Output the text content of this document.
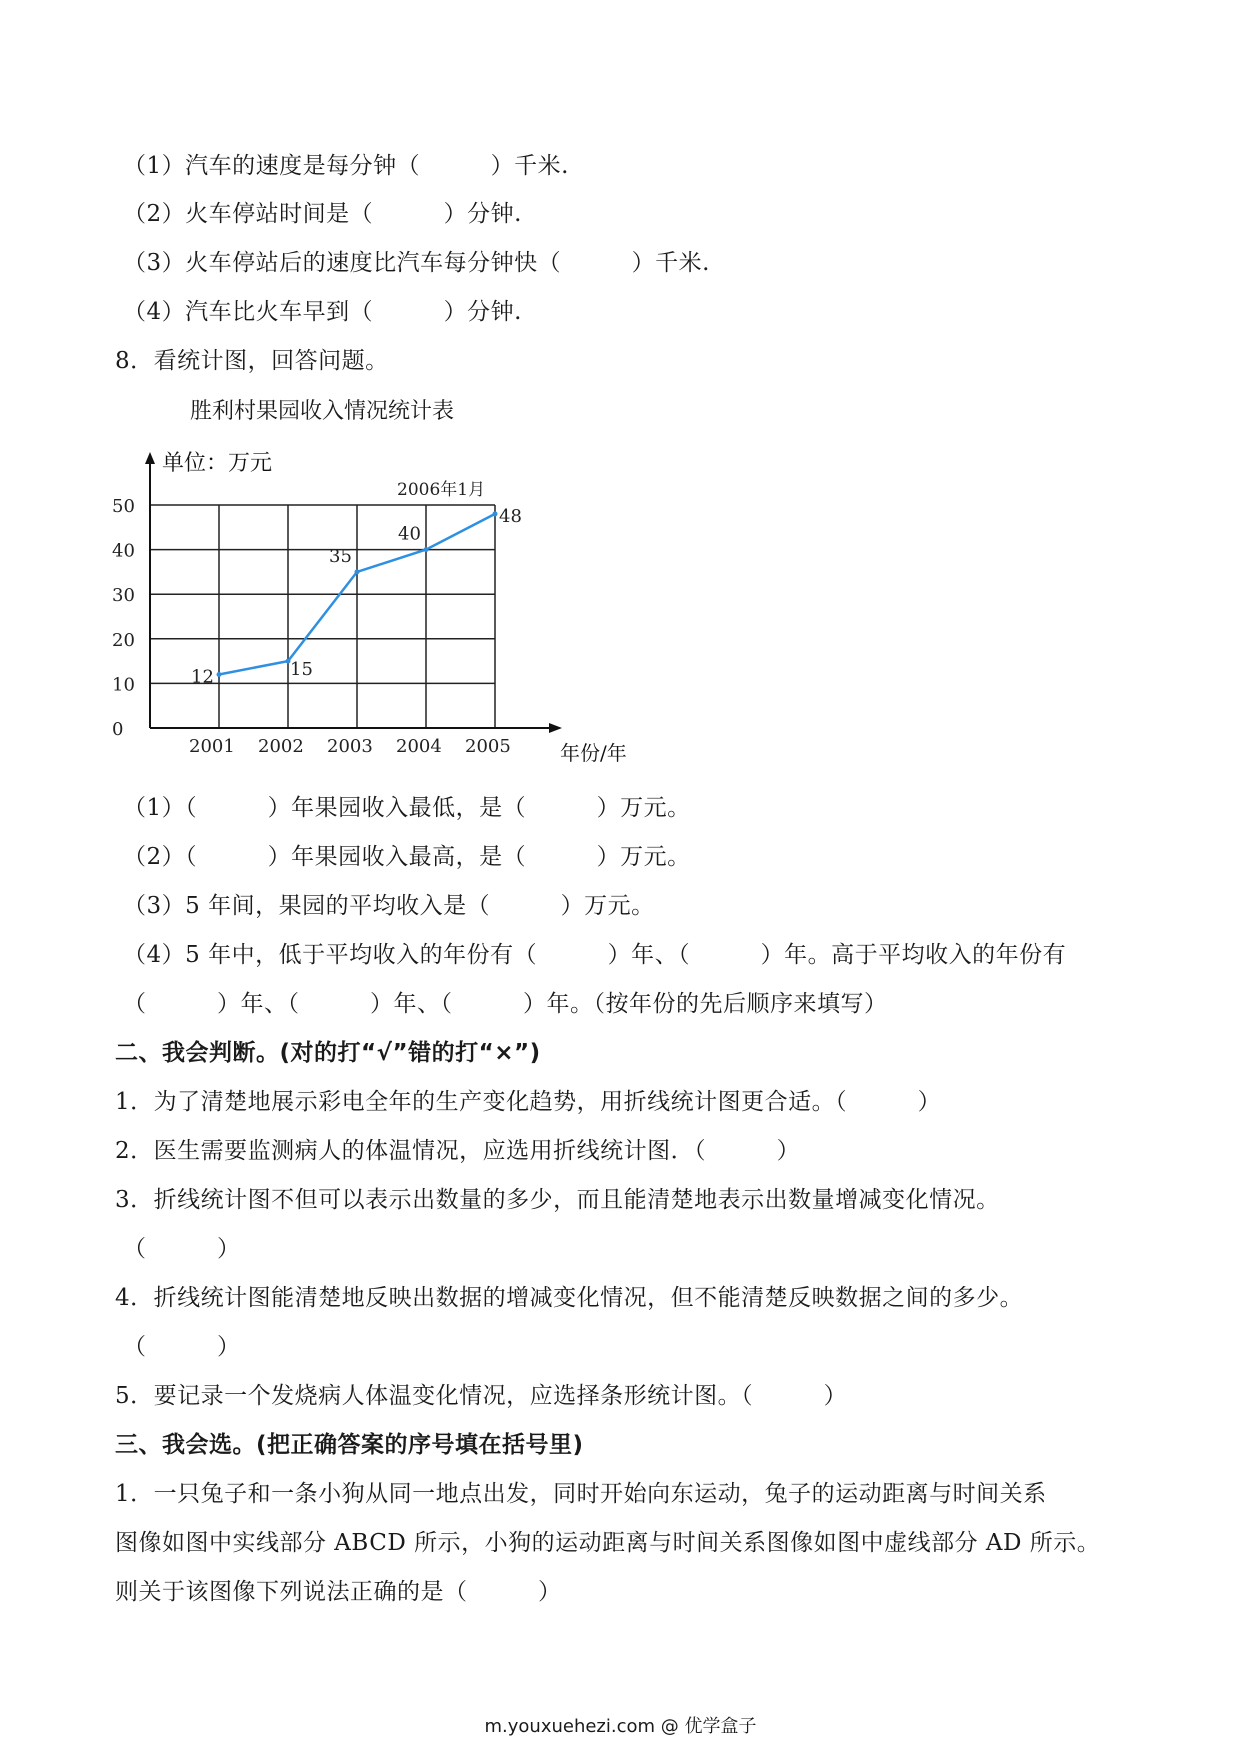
（1）汽车的速度是每分钟（　　　）千米.
（2）火车停站时间是（　　　）分钟.
（3）火车停站后的速度比汽车每分钟快（　　　）千米.
（4）汽车比火车早到（　　　）分钟.
8．看统计图，回答问题。
胜利村果园收入情况统计表
单位：万元
年份/年
0
10
20
30
40
50
2001 2002 2003 2004 2005
2006年1月
12	15
35
40
48
（1）（　　　）年果园收入最低，是（　　　）万元。
（2）（　　　）年果园收入最高，是（　　　）万元。
（3）5 年间，果园的平均收入是（　　　）万元。
（4）5 年中，低于平均收入的年份有（　　　）年、（　　　）年。高于平均收入的年份有
（　　　）年、（　　　）年、（　　　）年。（按年份的先后顺序来填写）
二、我会判断。(对的打“√”错的打“×”)
1．为了清楚地展示彩电全年的生产变化趋势，用折线统计图更合适。（　　　）
2．医生需要监测病人的体温情况，应选用折线统计图．（　　　）
3．折线统计图不但可以表示出数量的多少，而且能清楚地表示出数量增减变化情况。
（　　　）
4．折线统计图能清楚地反映出数据的增减变化情况，但不能清楚反映数据之间的多少。
（　　　）
5．要记录一个发烧病人体温变化情况，应选择条形统计图。（　　　）
三、我会选。(把正确答案的序号填在括号里)
1．一只兔子和一条小狗从同一地点出发，同时开始向东运动，兔子的运动距离与时间关系
图像如图中实线部分 ABCD 所示，小狗的运动距离与时间关系图像如图中虚线部分 AD 所示。
则关于该图像下列说法正确的是（　　　）
m.youxuehezi.com @ 优学盒子
